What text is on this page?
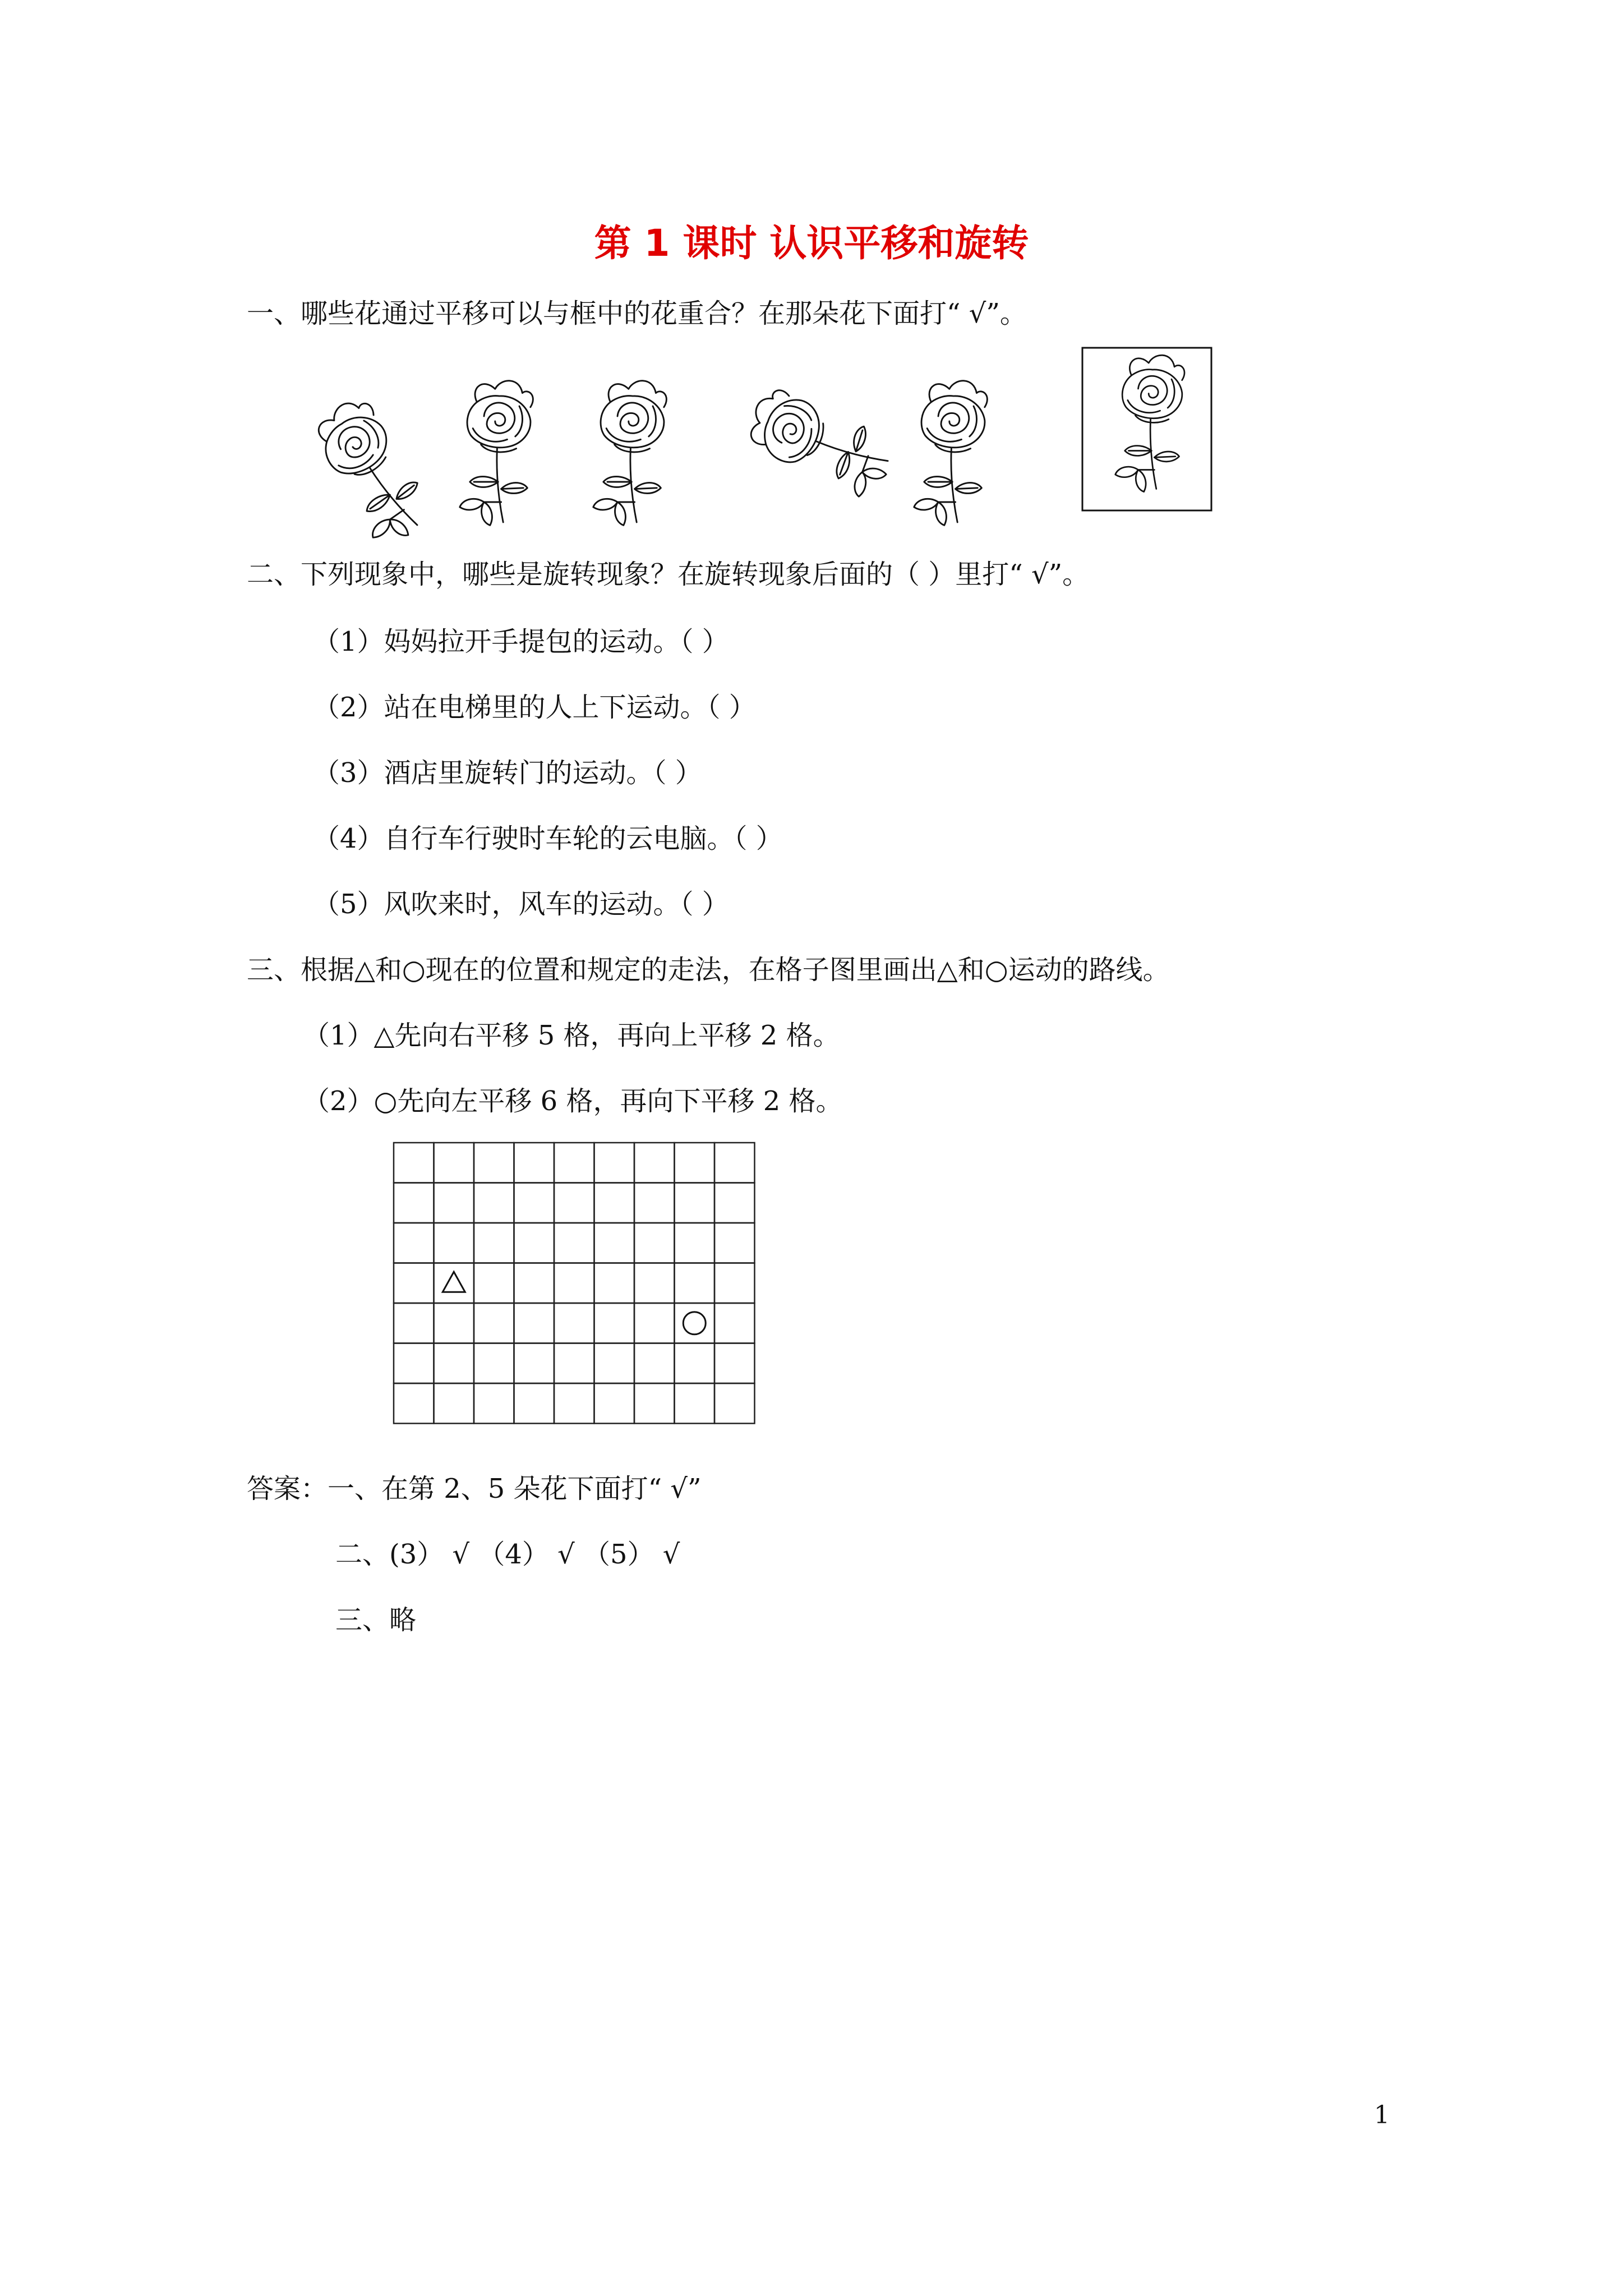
第 1 课时 认识平移和旋转
一、哪些花通过平移可以与框中的花重合？在那朵花下面打“ √”。
二、下列现象中，哪些是旋转现象？在旋转现象后面的（ ）里打“ √”。
（1）妈妈拉开手提包的运动。（ ）
（2）站在电梯里的人上下运动。（ ）
（3）酒店里旋转门的运动。（ ）
（4）自行车行驶时车轮的云电脑。（ ）
（5）风吹来时，风车的运动。（ ）
三、根据△和○现在的位置和规定的走法，在格子图里画出△和○运动的路线。
（1）△先向右平移 5 格，再向上平移 2 格。
（2）○先向左平移 6 格，再向下平移 2 格。
答案：一、在第 2、5 朵花下面打“ √”
二、(3） √ （4） √ （5） √
三、略
1
